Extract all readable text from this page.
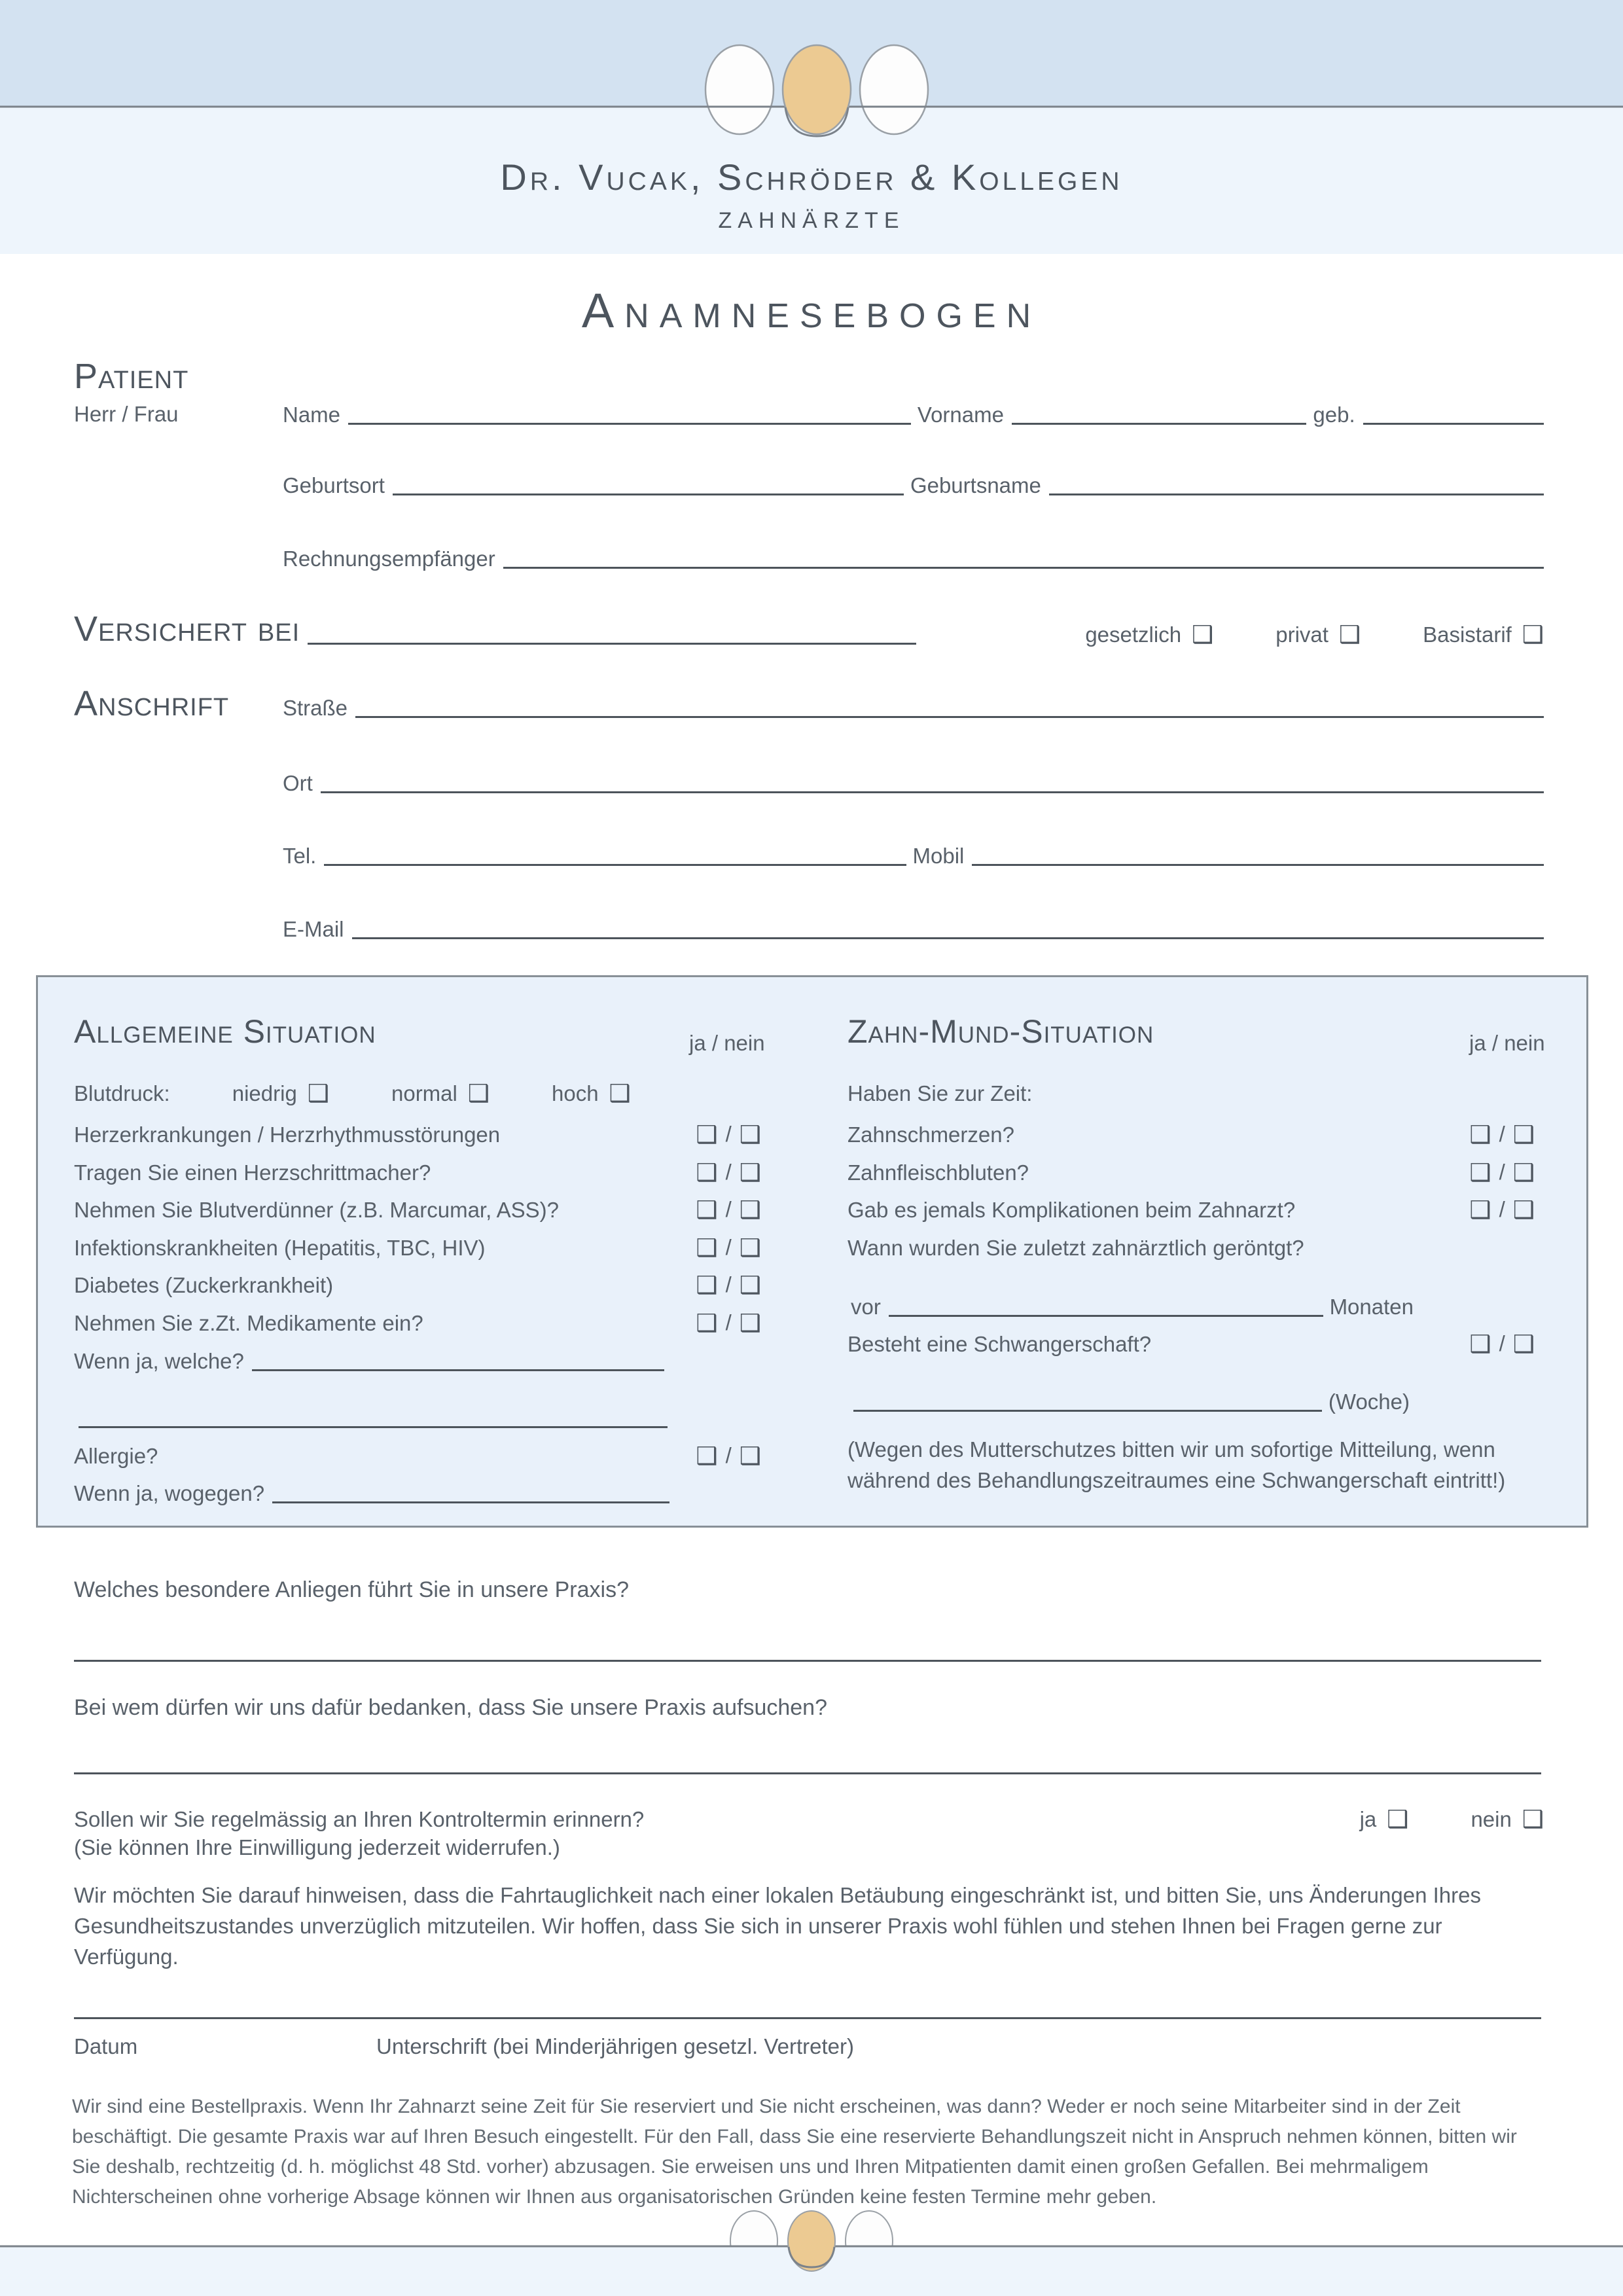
Dr. Vucak, Schröder & Kollegen
ZAHNÄRZTE
Anamnesebogen
Patient
Herr / Frau	Name	Vorname	geb.
Geburtsort	Geburtsname
Rechnungsempfänger
Versichert bei	gesetzlich ❑	privat ❑	Basistarif ❑
Anschrift Straße
Ort
Tel.	Mobil
E-Mail
Allgemeine Situation	ja / nein
Blutdruck:	niedrig ❑	normal ❑	hoch ❑
Herzerkrankungen / Herzrhythmusstörungen	❑ / ❑
Tragen Sie einen Herzschrittmacher?	❑ / ❑
Nehmen Sie Blutverdünner (z.B. Marcumar, ASS)?	❑ / ❑
Infektionskrankheiten (Hepatitis, TBC, HIV)	❑ / ❑
Diabetes (Zuckerkrankheit)	❑ / ❑
Nehmen Sie z.Zt. Medikamente ein?	❑ / ❑
Wenn ja, welche?
Allergie?	❑ / ❑
Wenn ja, wogegen?
Zahn-Mund-Situation	ja / nein
Haben Sie zur Zeit:
Zahnschmerzen?	❑ / ❑
Zahnfleischbluten?	❑ / ❑
Gab es jemals Komplikationen beim Zahnarzt?	❑ / ❑
Wann wurden Sie zuletzt zahnärztlich geröntgt?
vor	Monaten
Besteht eine Schwangerschaft?	❑ / ❑
(Woche)
(Wegen des Mutterschutzes bitten wir um sofortige Mitteilung, wenn während des Behandlungszeitraumes eine Schwangerschaft eintritt!)
Welches besondere Anliegen führt Sie in unsere Praxis?
Bei wem dürfen wir uns dafür bedanken, dass Sie unsere Praxis aufsuchen?
Sollen wir Sie regelmässig an Ihren Kontroltermin erinnern?	ja ❑	nein ❑
(Sie können Ihre Einwilligung jederzeit widerrufen.)
Wir möchten Sie darauf hinweisen, dass die Fahrtauglichkeit nach einer lokalen Betäubung eingeschränkt ist, und bitten Sie, uns Änderungen Ihres Gesundheitszustandes unverzüglich mitzuteilen. Wir hoffen, dass Sie sich in unserer Praxis wohl fühlen und stehen Ihnen bei Fragen gerne zur Verfügung.
Datum	Unterschrift (bei Minderjährigen gesetzl. Vertreter)
Wir sind eine Bestellpraxis. Wenn Ihr Zahnarzt seine Zeit für Sie reserviert und Sie nicht erscheinen, was dann? Weder er noch seine Mitarbeiter sind in der Zeit beschäftigt. Die gesamte Praxis war auf Ihren Besuch eingestellt. Für den Fall, dass Sie eine reservierte Behandlungszeit nicht in Anspruch nehmen können, bitten wir Sie deshalb, rechtzeitig (d. h. möglichst 48 Std. vorher) abzusagen. Sie erweisen uns und Ihren Mitpatienten damit einen großen Gefallen. Bei mehrmaligem Nichterscheinen ohne vorherige Absage können wir Ihnen aus organisatorischen Gründen keine festen Termine mehr geben.
